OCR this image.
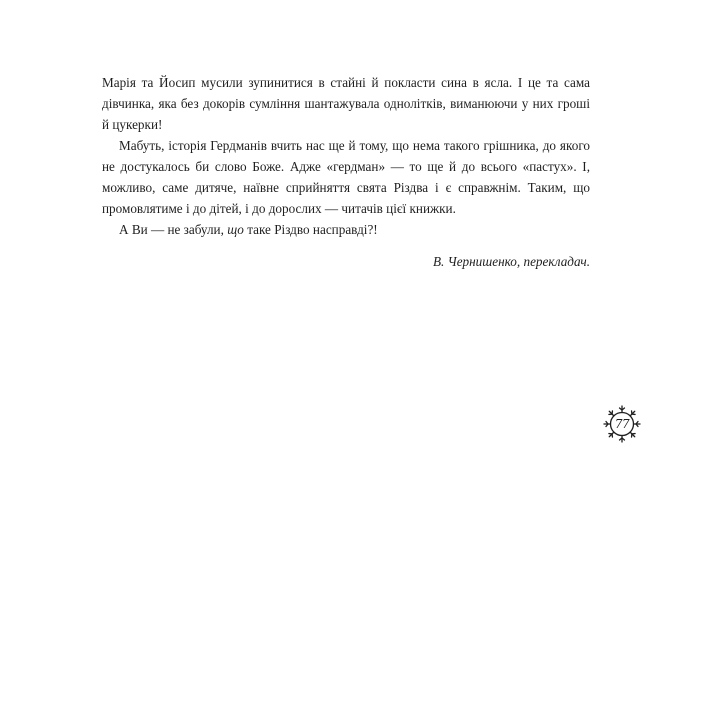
Марія та Йосип мусили зупинитися в стайні й покласти сина в ясла. І це та сама дівчинка, яка без докорів сумління шантажувала однолітків, виманюючи у них гроші й цукерки!

Мабуть, історія Гердманів вчить нас ще й тому, що нема такого грішника, до якого не достукалось би слово Боже. Адже «гердман» — то ще й до всього «пастух». І, можливо, саме дитяче, наївне сприйняття свята Різдва і є справжнім. Таким, що промовлятиме і до дітей, і до дорослих — читачів цієї книжки.

А Ви — не забули, що таке Різдво насправді?!

В. Чернишенко, перекладач.
77
